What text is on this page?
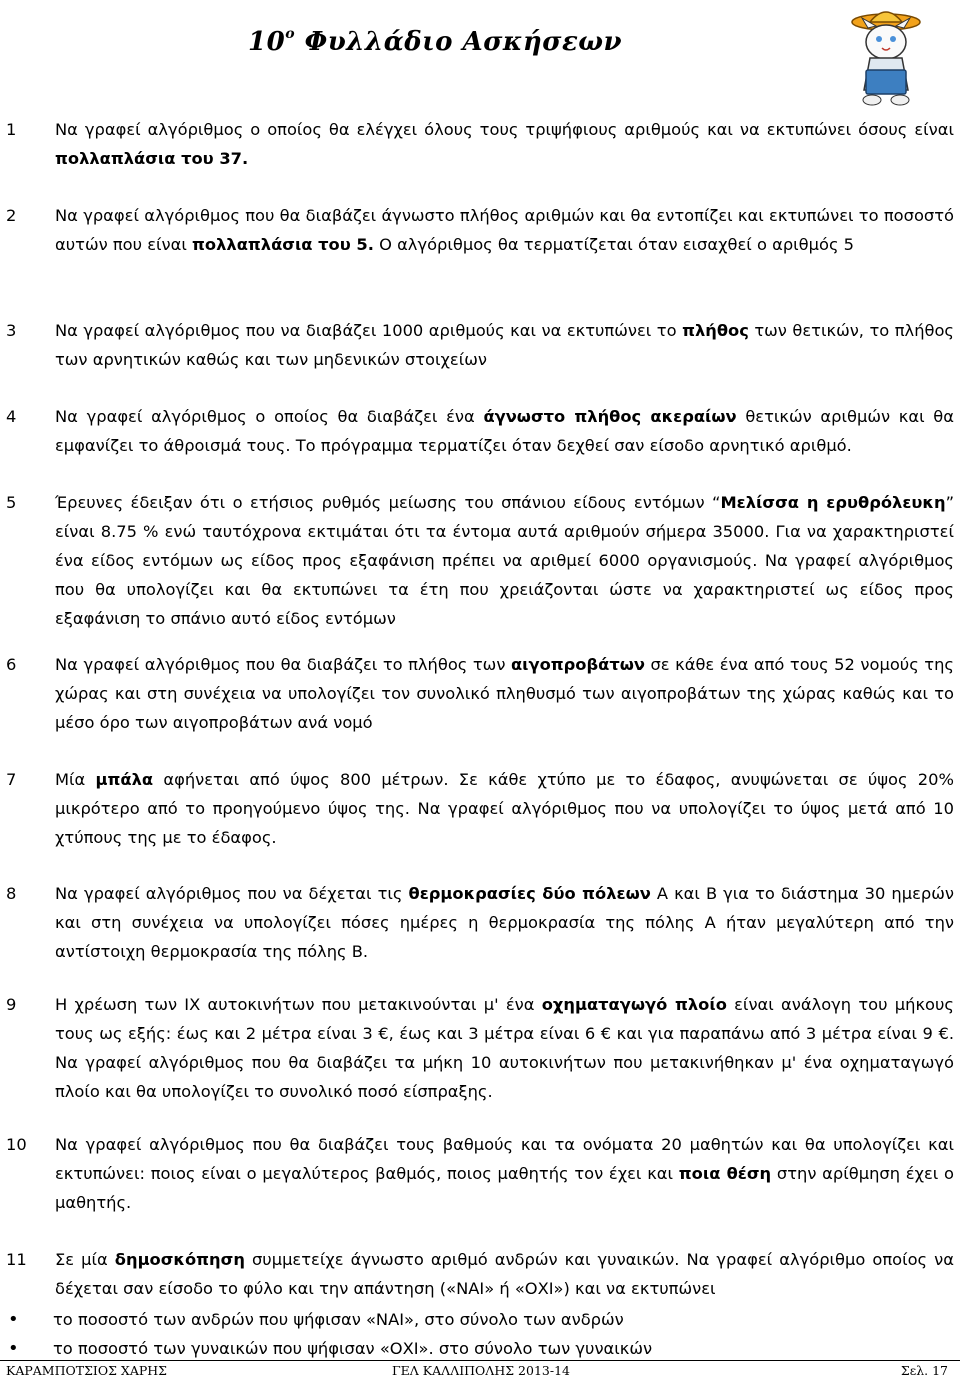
$10^o$ Φυλλάδιο Ασκήσεων
1 Να γραφεί αλγόριθμος ο οποίος θα ελέγχει όλους τους τριψήφιους αριθμούς και να εκτυπώνει όσους είναι πολλαπλάσια του 37.
2 Να γραφεί αλγόριθμος που θα διαβάζει άγνωστο πλήθος αριθμών και θα εντοπίζει και εκτυπώνει το ποσοστό αυτών που είναι πολλαπλάσια του 5. Ο αλγόριθμος θα τερματίζεται όταν εισαχθεί ο αριθμός 5
3 Να γραφεί αλγόριθμος που να διαβάζει 1000 αριθμούς και να εκτυπώνει το πλήθος των θετικών, το πλήθος των αρνητικών καθώς και των μηδενικών στοιχείων
4 Να γραφεί αλγόριθμος ο οποίος θα διαβάζει ένα άγνωστο πλήθος ακεραίων θετικών αριθμών και θα εμφανίζει το άθροισμά τους. Το πρόγραμμα τερματίζει όταν δεχθεί σαν είσοδο αρνητικό αριθμό.
5 Έρευνες έδειξαν ότι ο ετήσιος ρυθμός μείωσης του σπάνιου είδους εντόμων “Μελίσσα η ερυθρόλευκη” είναι 8.75 % ενώ ταυτόχρονα εκτιμάται ότι τα έντομα αυτά αριθμούν σήμερα 35000. Για να χαρακτηριστεί ένα είδος εντόμων ως είδος προς εξαφάνιση πρέπει να αριθμεί 6000 οργανισμούς. Να γραφεί αλγόριθμος που θα υπολογίζει και θα εκτυπώνει τα έτη που χρειάζονται ώστε να χαρακτηριστεί ως είδος προς εξαφάνιση το σπάνιο αυτό είδος εντόμων
6 Να γραφεί αλγόριθμος που θα διαβάζει το πλήθος των αιγοπροβάτων σε κάθε ένα από τους 52 νομούς της χώρας και στη συνέχεια να υπολογίζει τον συνολικό πληθυσμό των αιγοπροβάτων της χώρας καθώς και το μέσο όρο των αιγοπροβάτων ανά νομό
7 Μία μπάλα αφήνεται από ύψος 800 μέτρων. Σε κάθε χτύπο με το έδαφος, ανυψώνεται σε ύψος 20% μικρότερο από το προηγούμενο ύψος της. Να γραφεί αλγόριθμος που να υπολογίζει το ύψος μετά από 10 χτύπους της με το έδαφος.
8 Να γραφεί αλγόριθμος που να δέχεται τις θερμοκρασίες δύο πόλεων Α και Β για το διάστημα 30 ημερών και στη συνέχεια να υπολογίζει πόσες ημέρες η θερμοκρασία της πόλης Α ήταν μεγαλύτερη από την αντίστοιχη θερμοκρασία της πόλης Β.
9 Η χρέωση των ΙΧ αυτοκινήτων που μετακινούνται μ' ένα οχηματαγωγό πλοίο είναι ανάλογη του μήκους τους ως εξής: έως και 2 μέτρα είναι 3 €, έως και 3 μέτρα είναι 6 € και για παραπάνω από 3 μέτρα είναι 9 €. Να γραφεί αλγόριθμος που θα διαβάζει τα μήκη 10 αυτοκινήτων που μετακινήθηκαν μ' ένα οχηματαγωγό πλοίο και θα υπολογίζει το συνολικό ποσό είσπραξης.
10 Να γραφεί αλγόριθμος που θα διαβάζει τους βαθμούς και τα ονόματα 20 μαθητών και θα υπολογίζει και εκτυπώνει: ποιος είναι ο μεγαλύτερος βαθμός, ποιος μαθητής τον έχει και ποια θέση στην αρίθμηση έχει ο μαθητής.
11 Σε μία δημοσκόπηση συμμετείχε άγνωστο αριθμό ανδρών και γυναικών. Να γραφεί αλγόριθμο οποίος να δέχεται σαν είσοδο το φύλο και την απάντηση («ΝΑΙ» ή «ΟΧΙ») και να εκτυπώνει
• το ποσοστό των ανδρών που ψήφισαν «ΝΑΙ», στο σύνολο των ανδρών
• το ποσοστό των γυναικών που ψήφισαν «ΟΧΙ». στο σύνολο των γυναικών
ΚΑΡΑΜΠΟΤΣΙΟΣ ΧΑΡΗΣ	ΓΕΛ ΚΑΛΛΙΠΟΛΗΣ 2013-14	Σελ. 17
